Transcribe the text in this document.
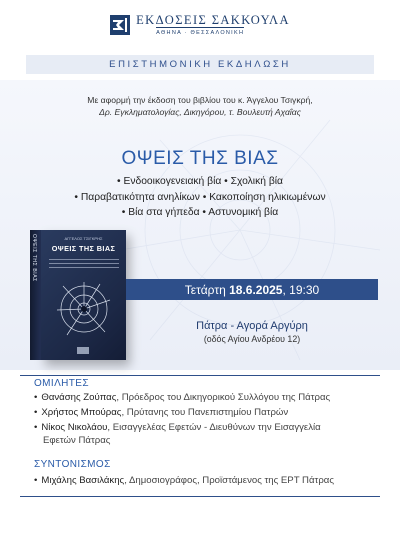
ΕΚΔΟΣΕΙΣ ΣΑΚΚΟΥΛΑ
ΑΘΗΝΑ · ΘΕΣΣΑΛΟΝΙΚΗ
ΕΠΙΣΤΗΜΟΝΙΚΗ ΕΚΔΗΛΩΣΗ
Με αφορμή την έκδοση του βιβλίου του κ. Άγγελου Τσιγκρή,
Δρ. Εγκληματολογίας, Δικηγόρου, τ. Βουλευτή Αχαΐας
ΟΨΕΙΣ ΤΗΣ ΒΙΑΣ
• Ενδοοικογενειακή βία • Σχολική βία
• Παραβατικότητα ανηλίκων • Κακοποίηση ηλικιωμένων
• Βία στα γήπεδα • Αστυνομική βία
ΟΨΕΙΣ ΤΗΣ ΒΙΑΣ	ΑΓΓΕΛΟΣ ΤΣΙΓΚΡΗΣ
ΟΨΕΙΣ ΤΗΣ ΒΙΑΣ
Τετάρτη
18.6.2025 , 19:30
Πάτρα - Αγορά Αργύρη
(οδός Αγίου Ανδρέου 12)
ΟΜΙΛΗΤΕΣ
• Θανάσης Ζούπας, Πρόεδρος του Δικηγορικού Συλλόγου της Πάτρας
• Χρήστος Μπούρας, Πρύτανης του Πανεπιστημίου Πατρών
• Νίκος Νικολάου, Εισαγγελέας Εφετών - Διευθύνων την Εισαγγελία
Εφετών Πάτρας
ΣΥΝΤΟΝΙΣΜΟΣ
• Μιχάλης Βασιλάκης, Δημοσιογράφος, Προϊστάμενος της ΕΡΤ Πάτρας
